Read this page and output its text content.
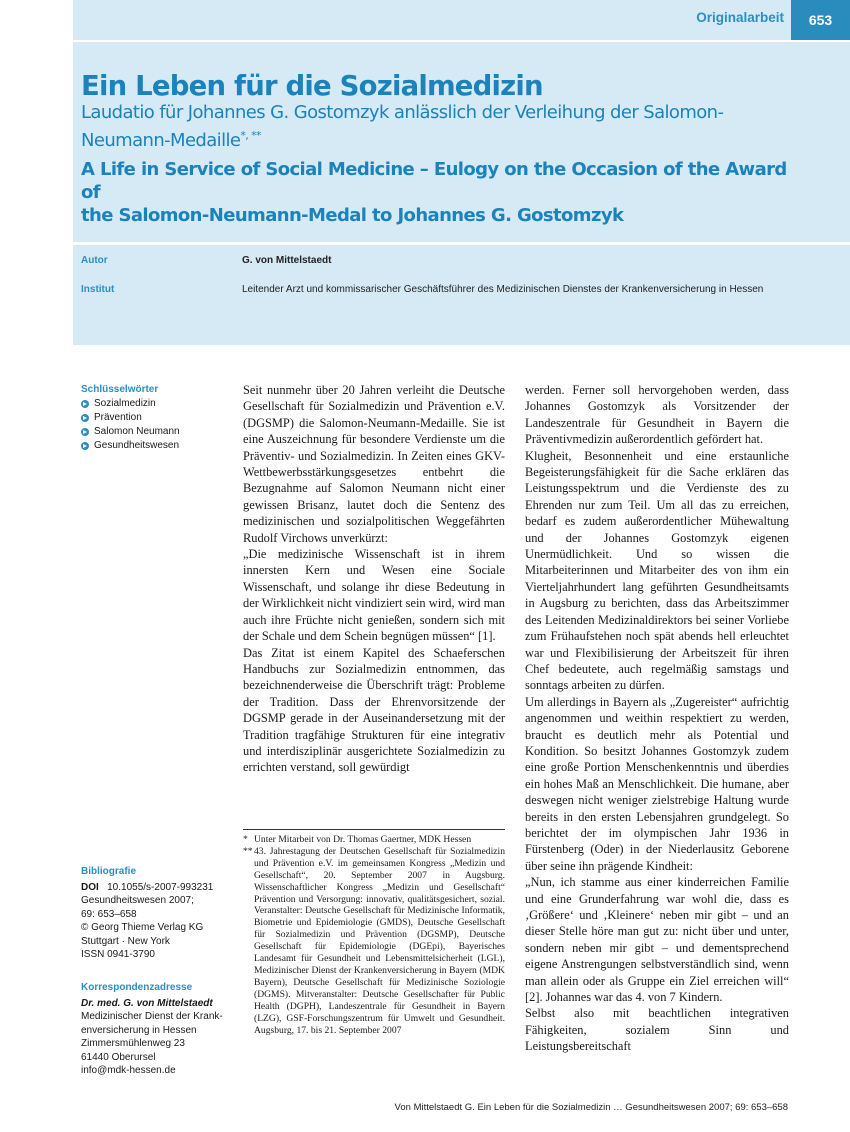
Originalarbeit	653
Ein Leben für die Sozialmedizin
Laudatio für Johannes G. Gostomzyk anlässlich der Verleihung der Salomon-
Neumann-Medaille*, **
A Life in Service of Social Medicine – Eulogy on the Occasion of the Award of
the Salomon-Neumann-Medal to Johannes G. Gostomzyk
Autor	G. von Mittelstaedt
Institut	Leitender Arzt und kommissarischer Geschäftsführer des Medizinischen Dienstes der Krankenversicherung in Hessen
Schlüsselwörter
Sozialmedizin
Prävention
Salomon Neumann
Gesundheitswesen
Bibliografie
DOI 10.1055/s-2007-993231
Gesundheitswesen 2007;
69: 653–658
© Georg Thieme Verlag KG
Stuttgart · New York
ISSN 0941-3790
Korrespondenzadresse
Dr. med. G. von Mittelstaedt
Medizinischer Dienst der Krank-
enversicherung in Hessen
Zimmersmühlenweg 23
61440 Oberursel
info@mdk-hessen.de

Seit nunmehr über 20 Jahren verleiht die Deutsche Gesellschaft für Sozialmedizin und Prävention e.V. (DGSMP) die Salomon-Neumann-Medaille. Sie ist eine Auszeichnung für besondere Verdienste um die Präventiv- und Sozialmedizin. In Zeiten eines GKV-Wettbewerbsstärkungsgesetzes entbehrt die Bezugnahme auf Salomon Neumann nicht einer gewissen Brisanz, lautet doch die Sentenz des medizinischen und sozialpolitischen Weggefährten Rudolf Virchows unverkürzt:

„Die medizinische Wissenschaft ist in ihrem innersten Kern und Wesen eine Sociale Wissenschaft, und solange ihr diese Bedeutung in der Wirklichkeit nicht vindiziert sein wird, wird man auch ihre Früchte nicht genießen, sondern sich mit der Schale und dem Schein begnügen müssen“ [1].

Das Zitat ist einem Kapitel des Schaeferschen Handbuchs zur Sozialmedizin entnommen, das bezeichnenderweise die Überschrift trägt: Probleme der Tradition. Dass der Ehrenvorsitzende der DGSMP gerade in der Auseinandersetzung mit der Tradition tragfähige Strukturen für eine integrativ und interdisziplinär ausgerichtete Sozialmedizin zu errichten verstand, soll gewürdigt

* Unter Mitarbeit von Dr. Thomas Gaertner, MDK Hessen
** 43. Jahrestagung der Deutschen Gesellschaft für Sozialmedizin und Prävention e.V. im gemeinsamen Kongress „Medizin und Gesellschaft“, 20. September 2007 in Augsburg. Wissenschaftlicher Kongress „Medizin und Gesellschaft“ Prävention und Versorgung: innovativ, qualitätsgesichert, sozial. Veranstalter: Deutsche Gesellschaft für Medizinische Informatik, Biometrie und Epidemiologie (GMDS), Deutsche Gesellschaft für Sozialmedizin und Prävention (DGSMP), Deutsche Gesellschaft für Epidemiologie (DGEpi), Bayerisches Landesamt für Gesundheit und Lebensmittelsicherheit (LGL), Medizinischer Dienst der Krankenversicherung in Bayern (MDK Bayern), Deutsche Gesellschaft für Medizinische Soziologie (DGMS). Mitveranstalter: Deutsche Gesellschafter für Public Health (DGPH), Landeszentrale für Gesundheit in Bayern (LZG), GSF-Forschungszentrum für Umwelt und Gesundheit. Augsburg, 17. bis 21. September 2007

werden. Ferner soll hervorgehoben werden, dass Johannes Gostomzyk als Vorsitzender der Landeszentrale für Gesundheit in Bayern die Präventivmedizin außerordentlich gefördert hat.

Klugheit, Besonnenheit und eine erstaunliche Begeisterungsfähigkeit für die Sache erklären das Leistungsspektrum und die Verdienste des zu Ehrenden nur zum Teil. Um all das zu erreichen, bedarf es zudem außerordentlicher Mühewaltung und der Johannes Gostomzyk eigenen Unermüdlichkeit. Und so wissen die Mitarbeiterinnen und Mitarbeiter des von ihm ein Vierteljahrhundert lang geführten Gesundheitsamts in Augsburg zu berichten, dass das Arbeitszimmer des Leitenden Medizinaldirektors bei seiner Vorliebe zum Frühaufstehen noch spät abends hell erleuchtet war und Flexibilisierung der Arbeitszeit für ihren Chef bedeutete, auch regelmäßig samstags und sonntags arbeiten zu dürfen.

Um allerdings in Bayern als „Zugereister“ aufrichtig angenommen und weithin respektiert zu werden, braucht es deutlich mehr als Potential und Kondition. So besitzt Johannes Gostomzyk zudem eine große Portion Menschenkenntnis und überdies ein hohes Maß an Menschlichkeit. Die humane, aber deswegen nicht weniger zielstrebige Haltung wurde bereits in den ersten Lebensjahren grundgelegt. So berichtet der im olympischen Jahr 1936 in Fürstenberg (Oder) in der Niederlausitz Geborene über seine ihn prägende Kindheit:

„Nun, ich stamme aus einer kinderreichen Familie und eine Grunderfahrung war wohl die, dass es ‚Größere‘ und ‚Kleinere‘ neben mir gibt – und an dieser Stelle höre man gut zu: nicht über und unter, sondern neben mir gibt – und dementsprechend eigene Anstrengungen selbstverständlich sind, wenn man allein oder als Gruppe ein Ziel erreichen will“ [2]. Johannes war das 4. von 7 Kindern.

Selbst also mit beachtlichen integrativen Fähigkeiten, sozialem Sinn und Leistungsbereitschaft

Von Mittelstaedt G. Ein Leben für die Sozialmedizin … Gesundheitswesen 2007; 69: 653–658
